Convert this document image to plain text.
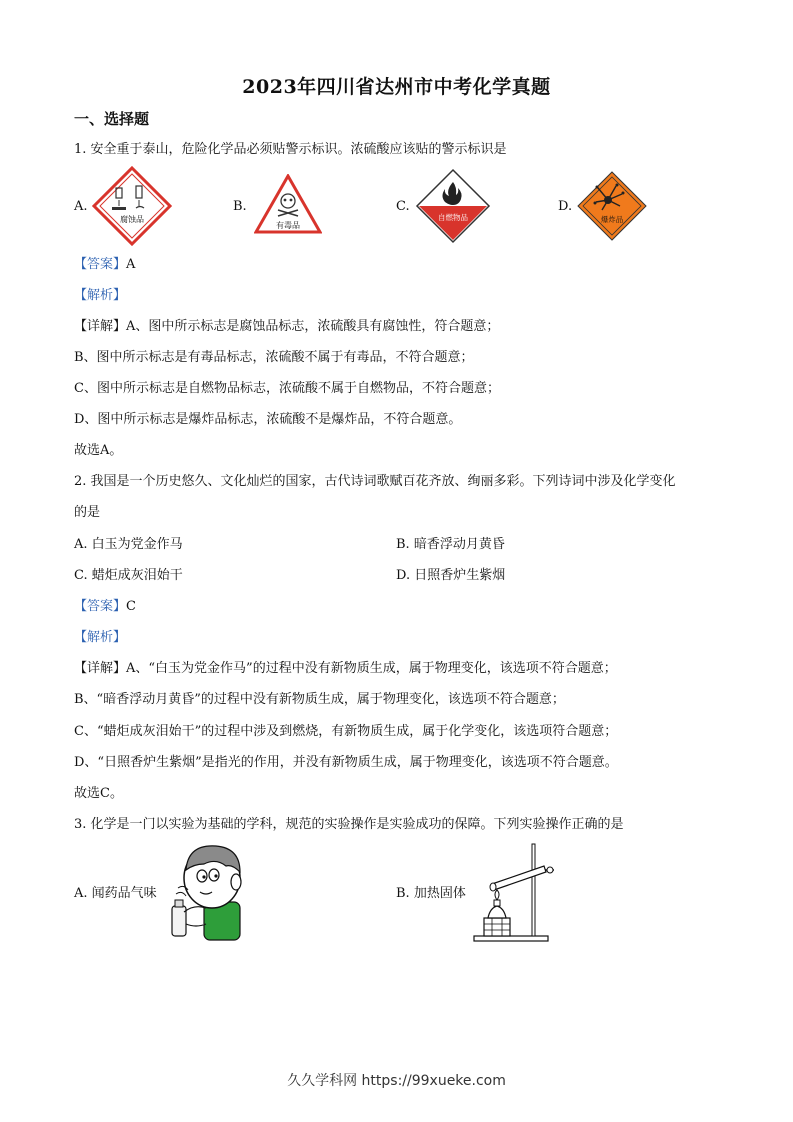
2023年四川省达州市中考化学真题
一、选择题
1. 安全重于泰山，危险化学品必须贴警示标识。浓硫酸应该贴的警示标识是
A.
腐蚀品
B.
有毒品
C.
自燃物品
D.
爆炸品
【答案】A
【解析】
【详解】A、图中所示标志是腐蚀品标志，浓硫酸具有腐蚀性，符合题意；
B、图中所示标志是有毒品标志，浓硫酸不属于有毒品，不符合题意；
C、图中所示标志是自燃物品标志，浓硫酸不属于自燃物品，不符合题意；
D、图中所示标志是爆炸品标志，浓硫酸不是爆炸品，不符合题意。
故选A。
2. 我国是一个历史悠久、文化灿烂的国家，古代诗词歌赋百花齐放、绚丽多彩。下列诗词中涉及化学变化
的是
A. 白玉为党金作马	B. 暗香浮动月黄昏
C. 蜡炬成灰泪始干	D. 日照香炉生紫烟
【答案】C
【解析】
【详解】A、“白玉为党金作马”的过程中没有新物质生成，属于物理变化，该选项不符合题意；
B、“暗香浮动月黄昏”的过程中没有新物质生成，属于物理变化，该选项不符合题意；
C、“蜡炬成灰泪始干”的过程中涉及到燃烧，有新物质生成，属于化学变化，该选项符合题意；
D、“日照香炉生紫烟”是指光的作用，并没有新物质生成，属于物理变化，该选项不符合题意。
故选C。
3. 化学是一门以实验为基础的学科，规范的实验操作是实验成功的保障。下列实验操作正确的是
A. 闻药品气味	B. 加热固体
久久学科网 https://99xueke.com
